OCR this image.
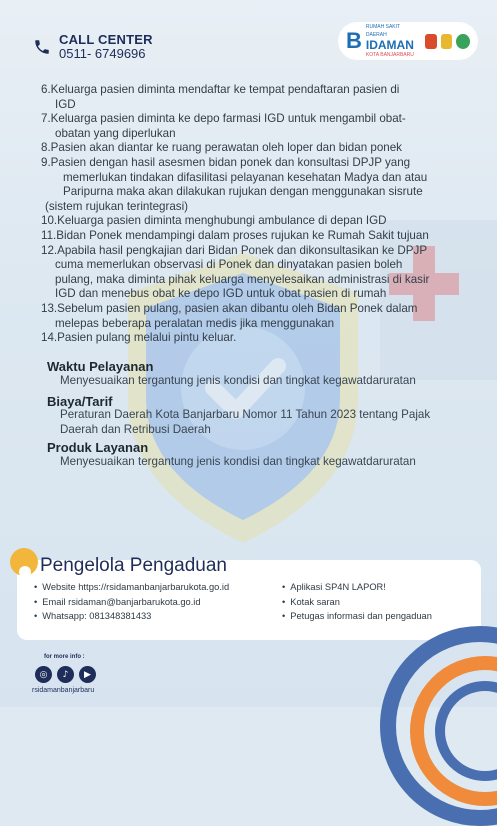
CALL CENTER
0511- 6749696
B
RUMAH SAKIT DAERAH
IDAMAN
KOTA BANJARBARU
6. Keluarga pasien diminta mendaftar ke tempat pendaftaran pasien di
IGD
7. Keluarga pasien diminta ke depo farmasi IGD untuk mengambil obat-
obatan yang diperlukan
8. Pasien akan diantar ke ruang perawatan oleh loper dan bidan ponek
9. Pasien dengan hasil asesmen bidan ponek dan konsultasi DPJP yang
memerlukan tindakan difasilitasi pelayanan kesehatan Madya dan atau
Paripurna maka akan dilakukan rujukan dengan menggunakan sisrute
(sistem rujukan terintegrasi)
10. Keluarga pasien diminta menghubungi ambulance di depan IGD
11. Bidan Ponek mendampingi dalam proses rujukan ke Rumah Sakit tujuan
12. Apabila hasil pengkajian dari Bidan Ponek dan dikonsultasikan ke DPJP
cuma memerlukan observasi di Ponek dan dinyatakan pasien boleh
pulang, maka diminta pihak keluarga menyelesaikan administrasi di kasir
IGD dan menebus obat ke depo IGD untuk obat pasien di rumah
13. Sebelum pasien pulang, pasien akan dibantu oleh Bidan Ponek dalam
melepas beberapa peralatan medis jika menggunakan
14. Pasien pulang melalui pintu keluar.
Waktu Pelayanan
Menyesuaikan tergantung jenis kondisi dan tingkat kegawatdaruratan
Biaya/Tarif
Peraturan Daerah Kota Banjarbaru Nomor 11 Tahun 2023 tentang Pajak
Daerah dan Retribusi Daerah
Produk Layanan
Menyesuaikan tergantung jenis kondisi dan tingkat kegawatdaruratan
Pengelola Pengaduan
• Website https://rsidamanbanjarbarukota.go.id
• Email rsidaman@banjarbarukota.go.id
• Whatsapp: 081348381433
• Aplikasi SP4N LAPOR!
• Kotak saran
• Petugas informasi dan pengaduan
for more info :
◎	♪	▶
rsidamanbanjarbaru
